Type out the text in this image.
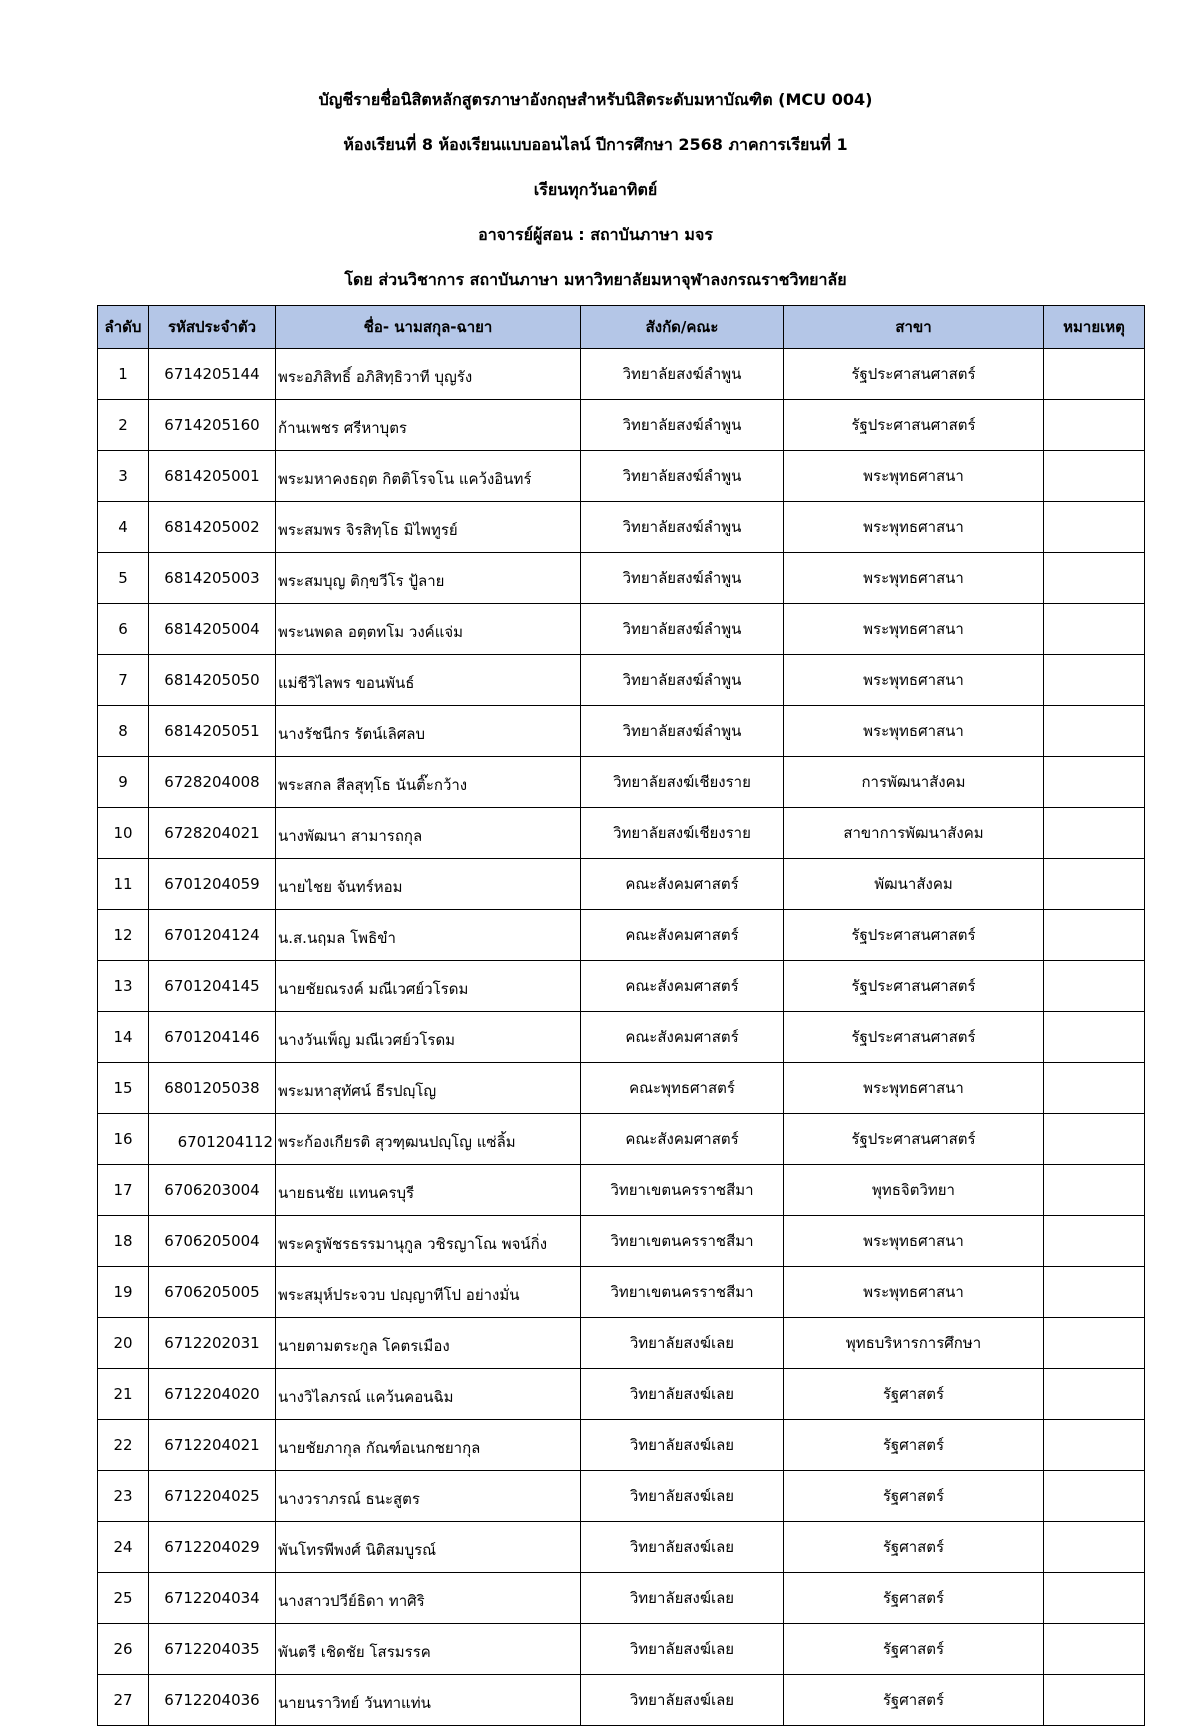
บัญชีรายชื่อนิสิตหลักสูตรภาษาอังกฤษสำหรับนิสิตระดับมหาบัณฑิต (MCU 004)
ห้องเรียนที่ 8 ห้องเรียนแบบออนไลน์ ปีการศึกษา 2568 ภาคการเรียนที่ 1
เรียนทุกวันอาทิตย์
อาจารย์ผู้สอน : สถาบันภาษา มจร
โดย ส่วนวิชาการ สถาบันภาษา มหาวิทยาลัยมหาจุฬาลงกรณราชวิทยาลัย
ลำดับ	รหัสประจำตัว	ชื่อ- นามสกุล-ฉายา	สังกัด/คณะ	สาขา	หมายเหตุ
1	6714205144	พระอภิสิทธิ์ อภิสิทฺธิวาที บุญรัง	วิทยาลัยสงฆ์ลำพูน	รัฐประศาสนศาสตร์	
2	6714205160	ก้านเพชร ศรีหาบุตร	วิทยาลัยสงฆ์ลำพูน	รัฐประศาสนศาสตร์	
3	6814205001	พระมหาคงธฤต กิตติโรจโน แคว้งอินทร์	วิทยาลัยสงฆ์ลำพูน	พระพุทธศาสนา	
4	6814205002	พระสมพร จิรสิทฺโธ มิไพทูรย์	วิทยาลัยสงฆ์ลำพูน	พระพุทธศาสนา	
5	6814205003	พระสมบุญ ติกฺขวีโร ปู้ลาย	วิทยาลัยสงฆ์ลำพูน	พระพุทธศาสนา	
6	6814205004	พระนพดล อตฺตทโม วงค์แจ่ม	วิทยาลัยสงฆ์ลำพูน	พระพุทธศาสนา	
7	6814205050	แม่ชีวิไลพร ขอนพันธ์	วิทยาลัยสงฆ์ลำพูน	พระพุทธศาสนา	
8	6814205051	นางรัชนีกร รัตน์เลิศลบ	วิทยาลัยสงฆ์ลำพูน	พระพุทธศาสนา	
9	6728204008	พระสกล สีลสุทฺโธ นันติ๊ะกว้าง	วิทยาลัยสงฆ์เชียงราย	การพัฒนาสังคม	
10	6728204021	นางพัฒนา สามารถกุล	วิทยาลัยสงฆ์เชียงราย	สาขาการพัฒนาสังคม	
11	6701204059	นายไชย จันทร์หอม	คณะสังคมศาสตร์	พัฒนาสังคม	
12	6701204124	น.ส.นฤมล โพธิขำ	คณะสังคมศาสตร์	รัฐประศาสนศาสตร์	
13	6701204145	นายชัยณรงค์ มณีเวศย์วโรดม	คณะสังคมศาสตร์	รัฐประศาสนศาสตร์	
14	6701204146	นางวันเพ็ญ มณีเวศย์วโรดม	คณะสังคมศาสตร์	รัฐประศาสนศาสตร์	
15	6801205038	พระมหาสุทัศน์ ธีรปญฺโญ	คณะพุทธศาสตร์	พระพุทธศาสนา	
16	6701204112	พระก้องเกียรติ สุวฑฺฒนปญฺโญ แซ่ลิ้ม	คณะสังคมศาสตร์	รัฐประศาสนศาสตร์	
17	6706203004	นายธนชัย แทนครบุรี	วิทยาเขตนครราชสีมา	พุทธจิตวิทยา	
18	6706205004	พระครูพัชรธรรมานุกูล วชิรญาโณ พจน์กิ่ง	วิทยาเขตนครราชสีมา	พระพุทธศาสนา	
19	6706205005	พระสมุห์ประจวบ ปญฺญาทีโป อย่างมั่น	วิทยาเขตนครราชสีมา	พระพุทธศาสนา	
20	6712202031	นายตามตระกูล โคตรเมือง	วิทยาลัยสงฆ์เลย	พุทธบริหารการศึกษา	
21	6712204020	นางวิไลภรณ์ แคว้นคอนฉิม	วิทยาลัยสงฆ์เลย	รัฐศาสตร์	
22	6712204021	นายชัยภากุล กัณฑ์อเนกชยากุล	วิทยาลัยสงฆ์เลย	รัฐศาสตร์	
23	6712204025	นางวราภรณ์ ธนะสูตร	วิทยาลัยสงฆ์เลย	รัฐศาสตร์	
24	6712204029	พันโทรพีพงศ์ นิติสมบูรณ์	วิทยาลัยสงฆ์เลย	รัฐศาสตร์	
25	6712204034	นางสาวปวีย์ธิดา ทาศิริ	วิทยาลัยสงฆ์เลย	รัฐศาสตร์	
26	6712204035	พันตรี เชิดชัย โสรมรรค	วิทยาลัยสงฆ์เลย	รัฐศาสตร์	
27	6712204036	นายนราวิทย์ วันทาแท่น	วิทยาลัยสงฆ์เลย	รัฐศาสตร์	
